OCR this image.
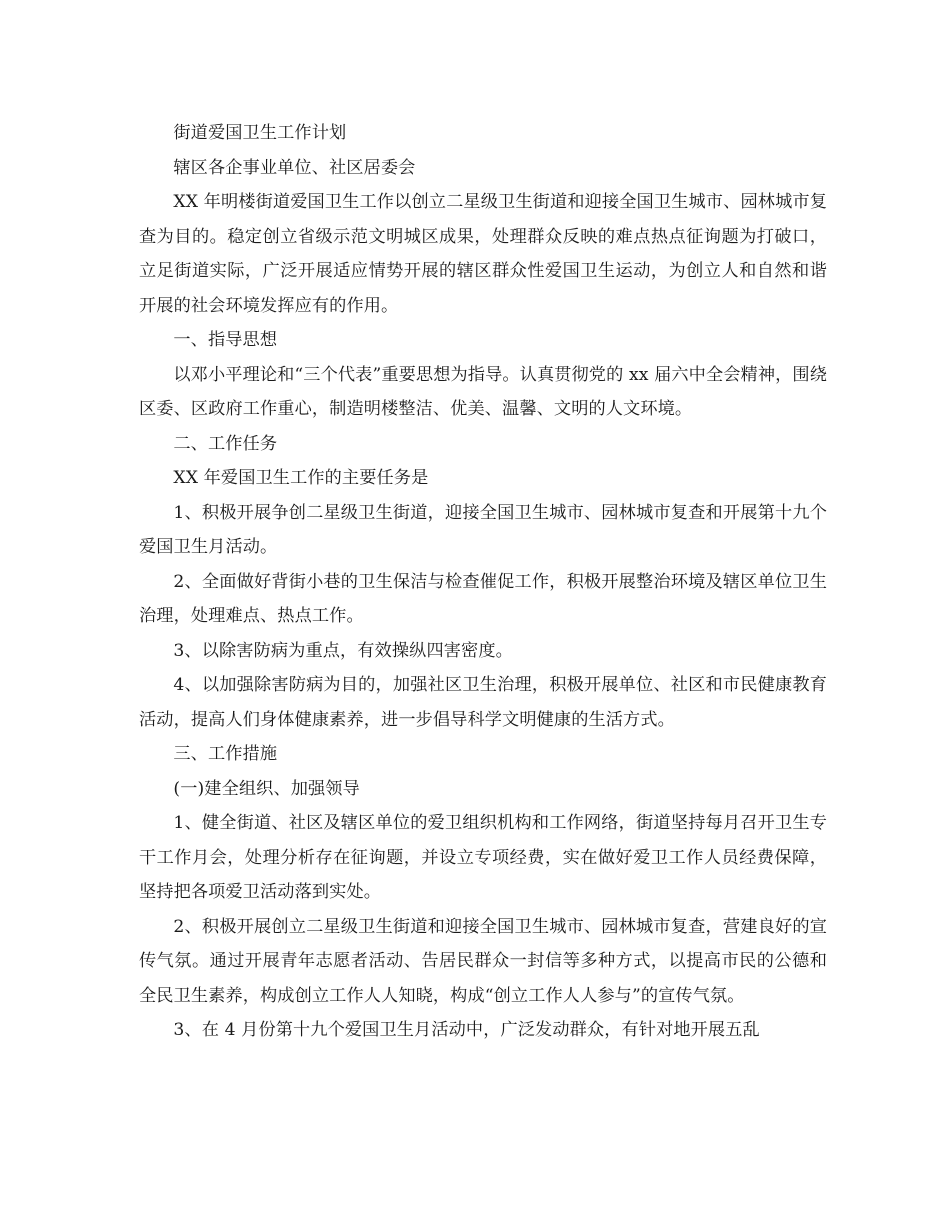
街道爱国卫生工作计划

辖区各企事业单位、社区居委会

XX 年明楼街道爱国卫生工作以创立二星级卫生街道和迎接全国卫生城市、园林城市复查为目的。稳定创立省级示范文明城区成果，处理群众反映的难点热点征询题为打破口，立足街道实际，广泛开展适应情势开展的辖区群众性爱国卫生运动，为创立人和自然和谐开展的社会环境发挥应有的作用。

一、指导思想

以邓小平理论和“三个代表”重要思想为指导。认真贯彻党的 xx 届六中全会精神，围绕区委、区政府工作重心，制造明楼整洁、优美、温馨、文明的人文环境。

二、工作任务

XX 年爱国卫生工作的主要任务是

1、积极开展争创二星级卫生街道，迎接全国卫生城市、园林城市复查和开展第十九个爱国卫生月活动。

2、全面做好背街小巷的卫生保洁与检查催促工作，积极开展整治环境及辖区单位卫生治理，处理难点、热点工作。

3、以除害防病为重点，有效操纵四害密度。

4、以加强除害防病为目的，加强社区卫生治理，积极开展单位、社区和市民健康教育活动，提高人们身体健康素养，进一步倡导科学文明健康的生活方式。

三、工作措施

(一)建全组织、加强领导

1、健全街道、社区及辖区单位的爱卫组织机构和工作网络，街道坚持每月召开卫生专干工作月会，处理分析存在征询题，并设立专项经费，实在做好爱卫工作人员经费保障，坚持把各项爱卫活动落到实处。

2、积极开展创立二星级卫生街道和迎接全国卫生城市、园林城市复查，营建良好的宣传气氛。通过开展青年志愿者活动、告居民群众一封信等多种方式，以提高市民的公德和全民卫生素养，构成创立工作人人知晓，构成“创立工作人人参与”的宣传气氛。

3、在 4 月份第十九个爱国卫生月活动中，广泛发动群众，有针对地开展五乱
